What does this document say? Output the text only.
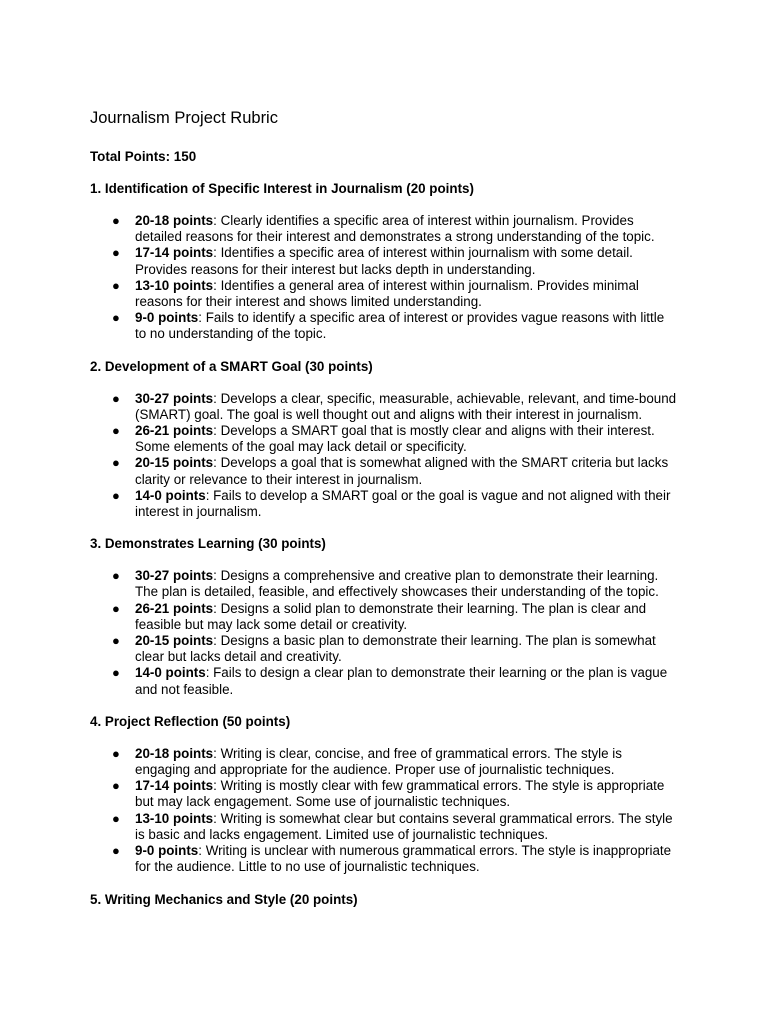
Journalism Project Rubric

Total Points: 150

1. Identification of Specific Interest in Journalism (20 points)
● 20-18 points: Clearly identifies a specific area of interest within journalism. Provides detailed reasons for their interest and demonstrates a strong understanding of the topic.
● 17-14 points: Identifies a specific area of interest within journalism with some detail. Provides reasons for their interest but lacks depth in understanding.
● 13-10 points: Identifies a general area of interest within journalism. Provides minimal reasons for their interest and shows limited understanding.
● 9-0 points: Fails to identify a specific area of interest or provides vague reasons with little to no understanding of the topic.
2. Development of a SMART Goal (30 points)
● 30-27 points: Develops a clear, specific, measurable, achievable, relevant, and time-bound (SMART) goal. The goal is well thought out and aligns with their interest in journalism.
● 26-21 points: Develops a SMART goal that is mostly clear and aligns with their interest. Some elements of the goal may lack detail or specificity.
● 20-15 points: Develops a goal that is somewhat aligned with the SMART criteria but lacks clarity or relevance to their interest in journalism.
● 14-0 points: Fails to develop a SMART goal or the goal is vague and not aligned with their interest in journalism.
3. Demonstrates Learning (30 points)
● 30-27 points: Designs a comprehensive and creative plan to demonstrate their learning. The plan is detailed, feasible, and effectively showcases their understanding of the topic.
● 26-21 points: Designs a solid plan to demonstrate their learning. The plan is clear and feasible but may lack some detail or creativity.
● 20-15 points: Designs a basic plan to demonstrate their learning. The plan is somewhat clear but lacks detail and creativity.
● 14-0 points: Fails to design a clear plan to demonstrate their learning or the plan is vague and not feasible.
4. Project Reflection (50 points)
● 20-18 points: Writing is clear, concise, and free of grammatical errors. The style is engaging and appropriate for the audience. Proper use of journalistic techniques.
● 17-14 points: Writing is mostly clear with few grammatical errors. The style is appropriate but may lack engagement. Some use of journalistic techniques.
● 13-10 points: Writing is somewhat clear but contains several grammatical errors. The style is basic and lacks engagement. Limited use of journalistic techniques.
● 9-0 points: Writing is unclear with numerous grammatical errors. The style is inappropriate for the audience. Little to no use of journalistic techniques.
5. Writing Mechanics and Style (20 points)
